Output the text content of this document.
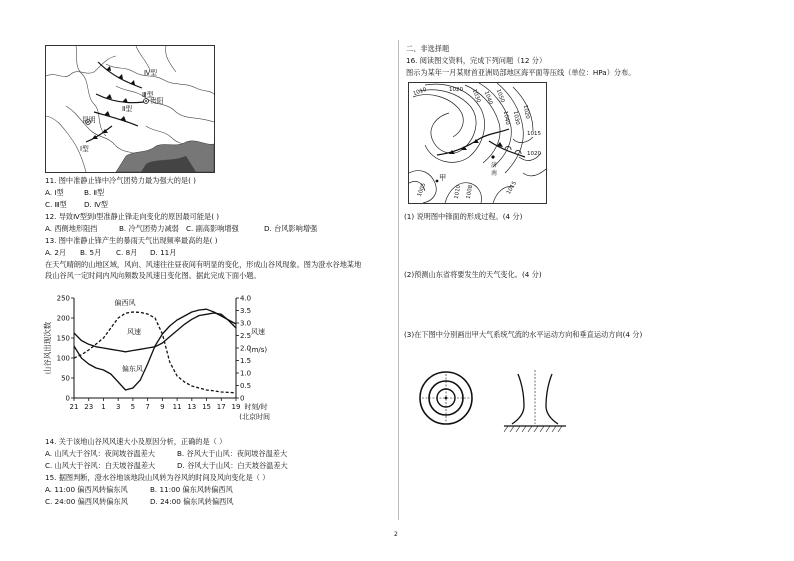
Ⅳ型
Ⅲ型
Ⅱ型
贵阳
昆明
Ⅰ型
11. 图中准静止锋中冷气团势力最为强大的是( )
A. Ⅰ型	B. Ⅱ型
C. Ⅲ型 D. Ⅳ型
12. 导致Ⅳ型到Ⅰ型准静止锋走向变化的原因最可能是( )
A. 西侧地形阻挡	B. 冷气团势力减弱 C. 副高影响增强	D. 台风影响增强
13. 图中准静止锋产生的暴雨天气出现频率最高的是( )
A. 2月 B. 5月 C. 8月 D. 11月
在天气晴朗的山地区域，风向、风速往往昼夜间有明显的变化，形成山谷风现象。图为澄水谷地某地
段山谷风一定时间内风向频数及风速日变化图。据此完成下面小题。
0
50
100
150
200
250
0
0.5
1.0
1.5
2.0
2.5
3.0
3.5
4.0
21 23 1 3 5 7 9 11 13 15 17 19
偏西风
风速
偏东风
山谷风出现次数	风速
(m/s)
时刻/时
(北京时间)
14. 关于该地山谷风风速大小及原因分析，正确的是（ ）
A. 山风大于谷风：夜间坡谷温差大	B. 谷风大于山风：夜间坡谷温差大
C. 山风大于谷风：白天坡谷温差大	D. 谷风大于山风：白天坡谷温差大
15. 据图判断，澄水谷地该地段山风转为谷风的时间及风向变化是（ ）
A. 11:00 偏西风转偏东风	B. 11:00 偏东风转偏西风
C. 24:00 偏西风转偏东风	D. 24:00 偏东风转偏西风
二、非选择题
16. 阅读图文资料，完成下列问题（12 分）
图示为某年一月某财首亚洲局部地区海平面等压线（单位：HPa）分布。
1010	1020	1030 1040 1050
1040 1030 1020
1015
1020
甲
1005
济
南
1010 1008	1015
(1) 说明图中锋面的形成过程。(4 分)
(2)预测山东省将要发生的天气变化。(4 分)
(3)在下图中分别画出甲大气系统气流的水平运动方向和垂直运动方向(4 分)
2
